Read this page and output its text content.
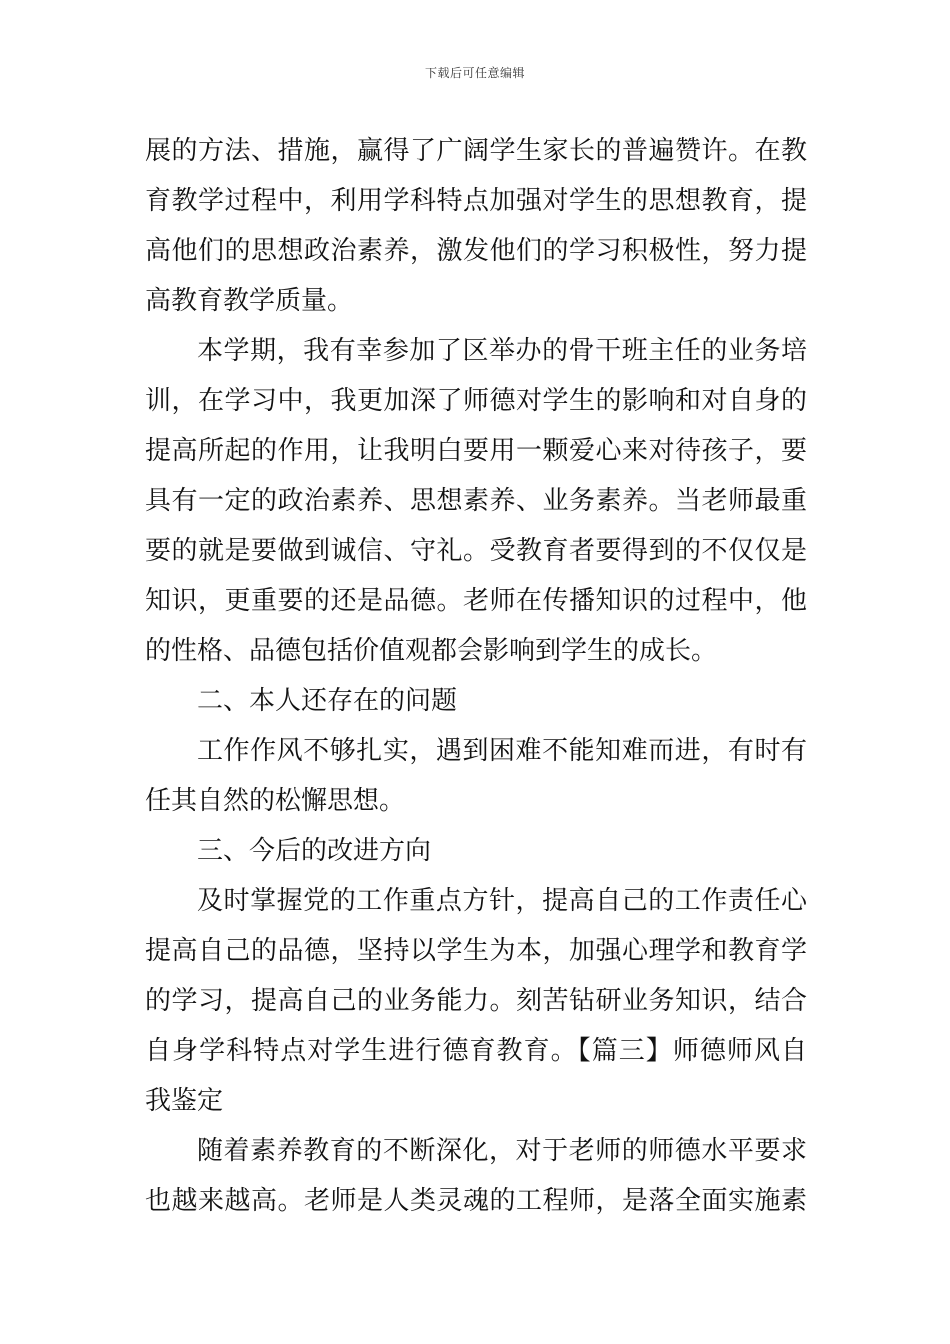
下载后可任意编辑
展的方法、措施，赢得了广阔学生家长的普遍赞许。在教
育教学过程中，利用学科特点加强对学生的思想教育，提
高他们的思想政治素养，激发他们的学习积极性，努力提
高教育教学质量。
本学期，我有幸参加了区举办的骨干班主任的业务培
训，在学习中，我更加深了师德对学生的影响和对自身的
提高所起的作用，让我明白要用一颗爱心来对待孩子，要
具有一定的政治素养、思想素养、业务素养。当老师最重
要的就是要做到诚信、守礼。受教育者要得到的不仅仅是
知识，更重要的还是品德。老师在传播知识的过程中，他
的性格、品德包括价值观都会影响到学生的成长。
二、本人还存在的问题
工作作风不够扎实，遇到困难不能知难而进，有时有
任其自然的松懈思想。
三、今后的改进方向
及时掌握党的工作重点方针，提高自己的工作责任心
提高自己的品德，坚持以学生为本，加强心理学和教育学
的学习，提高自己的业务能力。刻苦钻研业务知识，结合
自身学科特点对学生进行德育教育。【篇三】师德师风自
我鉴定
随着素养教育的不断深化，对于老师的师德水平要求
也越来越高。老师是人类灵魂的工程师，是落全面实施素
